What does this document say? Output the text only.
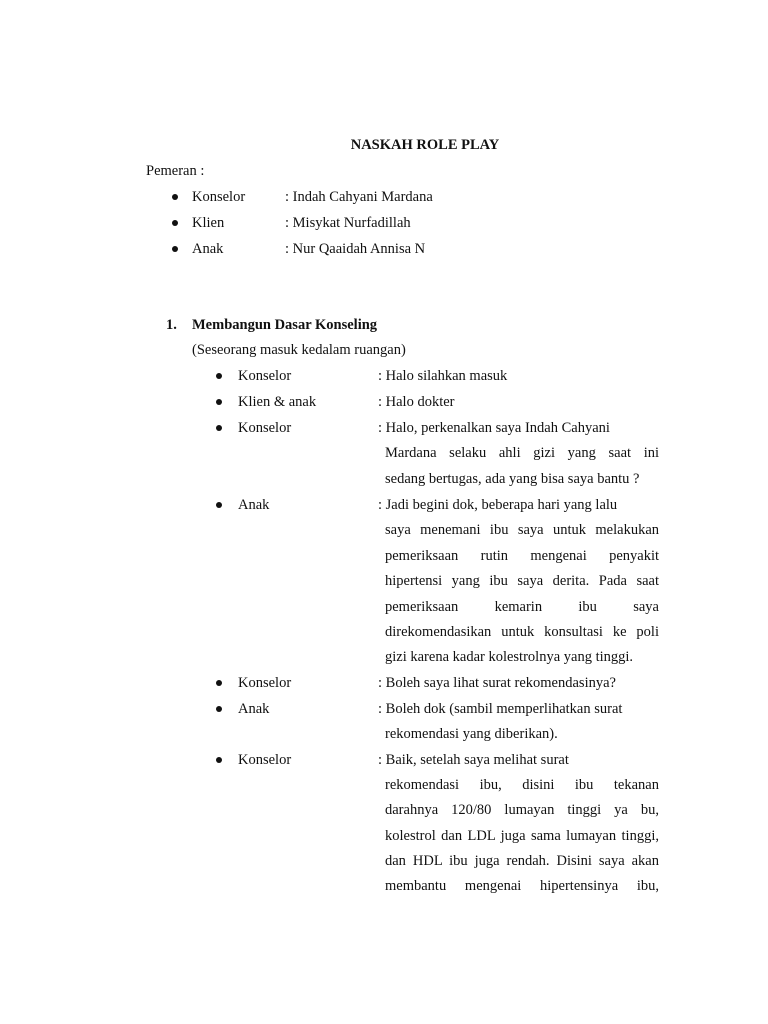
NASKAH ROLE PLAY
Pemeran :
Konselor	: Indah Cahyani Mardana
Klien	: Misykat Nurfadillah
Anak	: Nur Qaaidah Annisa N
1. Membangun Dasar Konseling
(Seseorang masuk kedalam ruangan)
Konselor	: Halo silahkan masuk
Klien & anak	: Halo dokter
Konselor	: Halo, perkenalkan saya Indah Cahyani
Mardana selaku ahli gizi yang saat ini
sedang bertugas, ada yang bisa saya bantu ?
Anak	: Jadi begini dok, beberapa hari yang lalu
saya menemani ibu saya untuk melakukan
pemeriksaan rutin mengenai penyakit
hipertensi yang ibu saya derita. Pada saat
pemeriksaan kemarin ibu saya
direkomendasikan untuk konsultasi ke poli
gizi karena kadar kolestrolnya yang tinggi.
Konselor	: Boleh saya lihat surat rekomendasinya?
Anak	: Boleh dok (sambil memperlihatkan surat
rekomendasi yang diberikan).
Konselor	: Baik, setelah saya melihat surat
rekomendasi ibu, disini ibu tekanan
darahnya 120/80 lumayan tinggi ya bu,
kolestrol dan LDL juga sama lumayan tinggi,
dan HDL ibu juga rendah. Disini saya akan
membantu mengenai hipertensinya ibu,
